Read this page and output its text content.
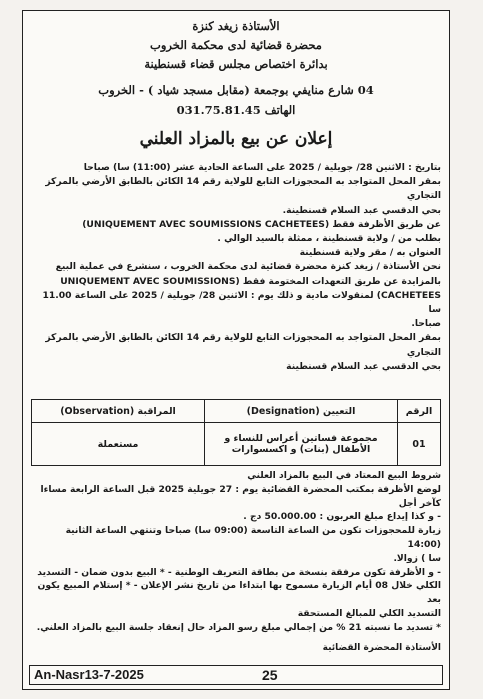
الأستاذة زيغد كنزة
محضرة قضائية لدى محكمة الخروب
بدائرة اختصاص مجلس قضاء قسنطينة
04 شارع منايفي بوجمعة (مقابل مسجد شياد ) - الخروب
الهاتف 031.75.81.45
إعلان عن بيع بالمزاد العلني

بتاريخ : الاثنين 28/ جويلية / 2025 على الساعة الحادية عشر (11:00) سا) صباحا

بمقر المحل المتواجد به المحجوزات التابع للولاية رقم 14 الكائن بالطابق الأرضي بالمركز التجاري

بحي الدقسي عبد السلام قسنطينة.

عن طريق الأظرفة فقط (UNIQUEMENT AVEC SOUMISSIONS CACHETEES)

بطلب من / ولاية قسنطينة ، ممثلة بالسيد الوالي .

العنوان به / مقر ولاية قسنطينة

نحن الأستاذة / زيغد كنزة محضرة قضائية لدى محكمة الخروب ، سنشرع في عملية البيع

بالمزايدة عن طريق التعهدات المختومة فقط (UNIQUEMENT AVEC SOUMISSIONS

CACHETEES) لمنقولات مادية و ذلك يوم : الاثنين 28/ جويلية / 2025 على الساعة 11.00 سا

صباحا.

بمقر المحل المتواجد به المحجوزات التابع للولاية رقم 14 الكائن بالطابق الأرضي بالمركز التجاري

بحي الدقسي عبد السلام قسنطينة

الرقم	التعيين (Designation)	المراقبة (Observation)
01	مجموعة فساتين أعراس للنساء و الأطفال (بنات) و اكسسوارات	مستعملة

شروط البيع المعتاد في البيع بالمزاد العلني

لوضع الأظرفة بمكتب المحضرة القضائية يوم : 27 جويلية 2025 قبل الساعة الرابعة مساءا

كآخر أجل

- و كذا إيداع مبلغ العربون : 50.000.00 دج .

زيارة للمحجوزات تكون من الساعة التاسعة (09:00 سا) صباحا وتنتهي الساعة الثانية (14:00

سا ) زوالا.

- و الأظرفة تكون مرفقة بنسخة من بطاقة التعريف الوطنية - * البيع بدون ضمان - التسديد

الكلي خلال 08 أيام الزيارة مسموح بها ابتداءا من تاريخ نشر الإعلان - * إستلام المبيع يكون بعد

التسديد الكلي للمبالغ المستحقة

* تسديد ما نسبته 21 % من إجمالي مبلغ رسو المزاد حال إنعقاد جلسة البيع بالمزاد العلني.

الأستاذة المحضرة القضائية
An-Nasr13-7-2025	25
